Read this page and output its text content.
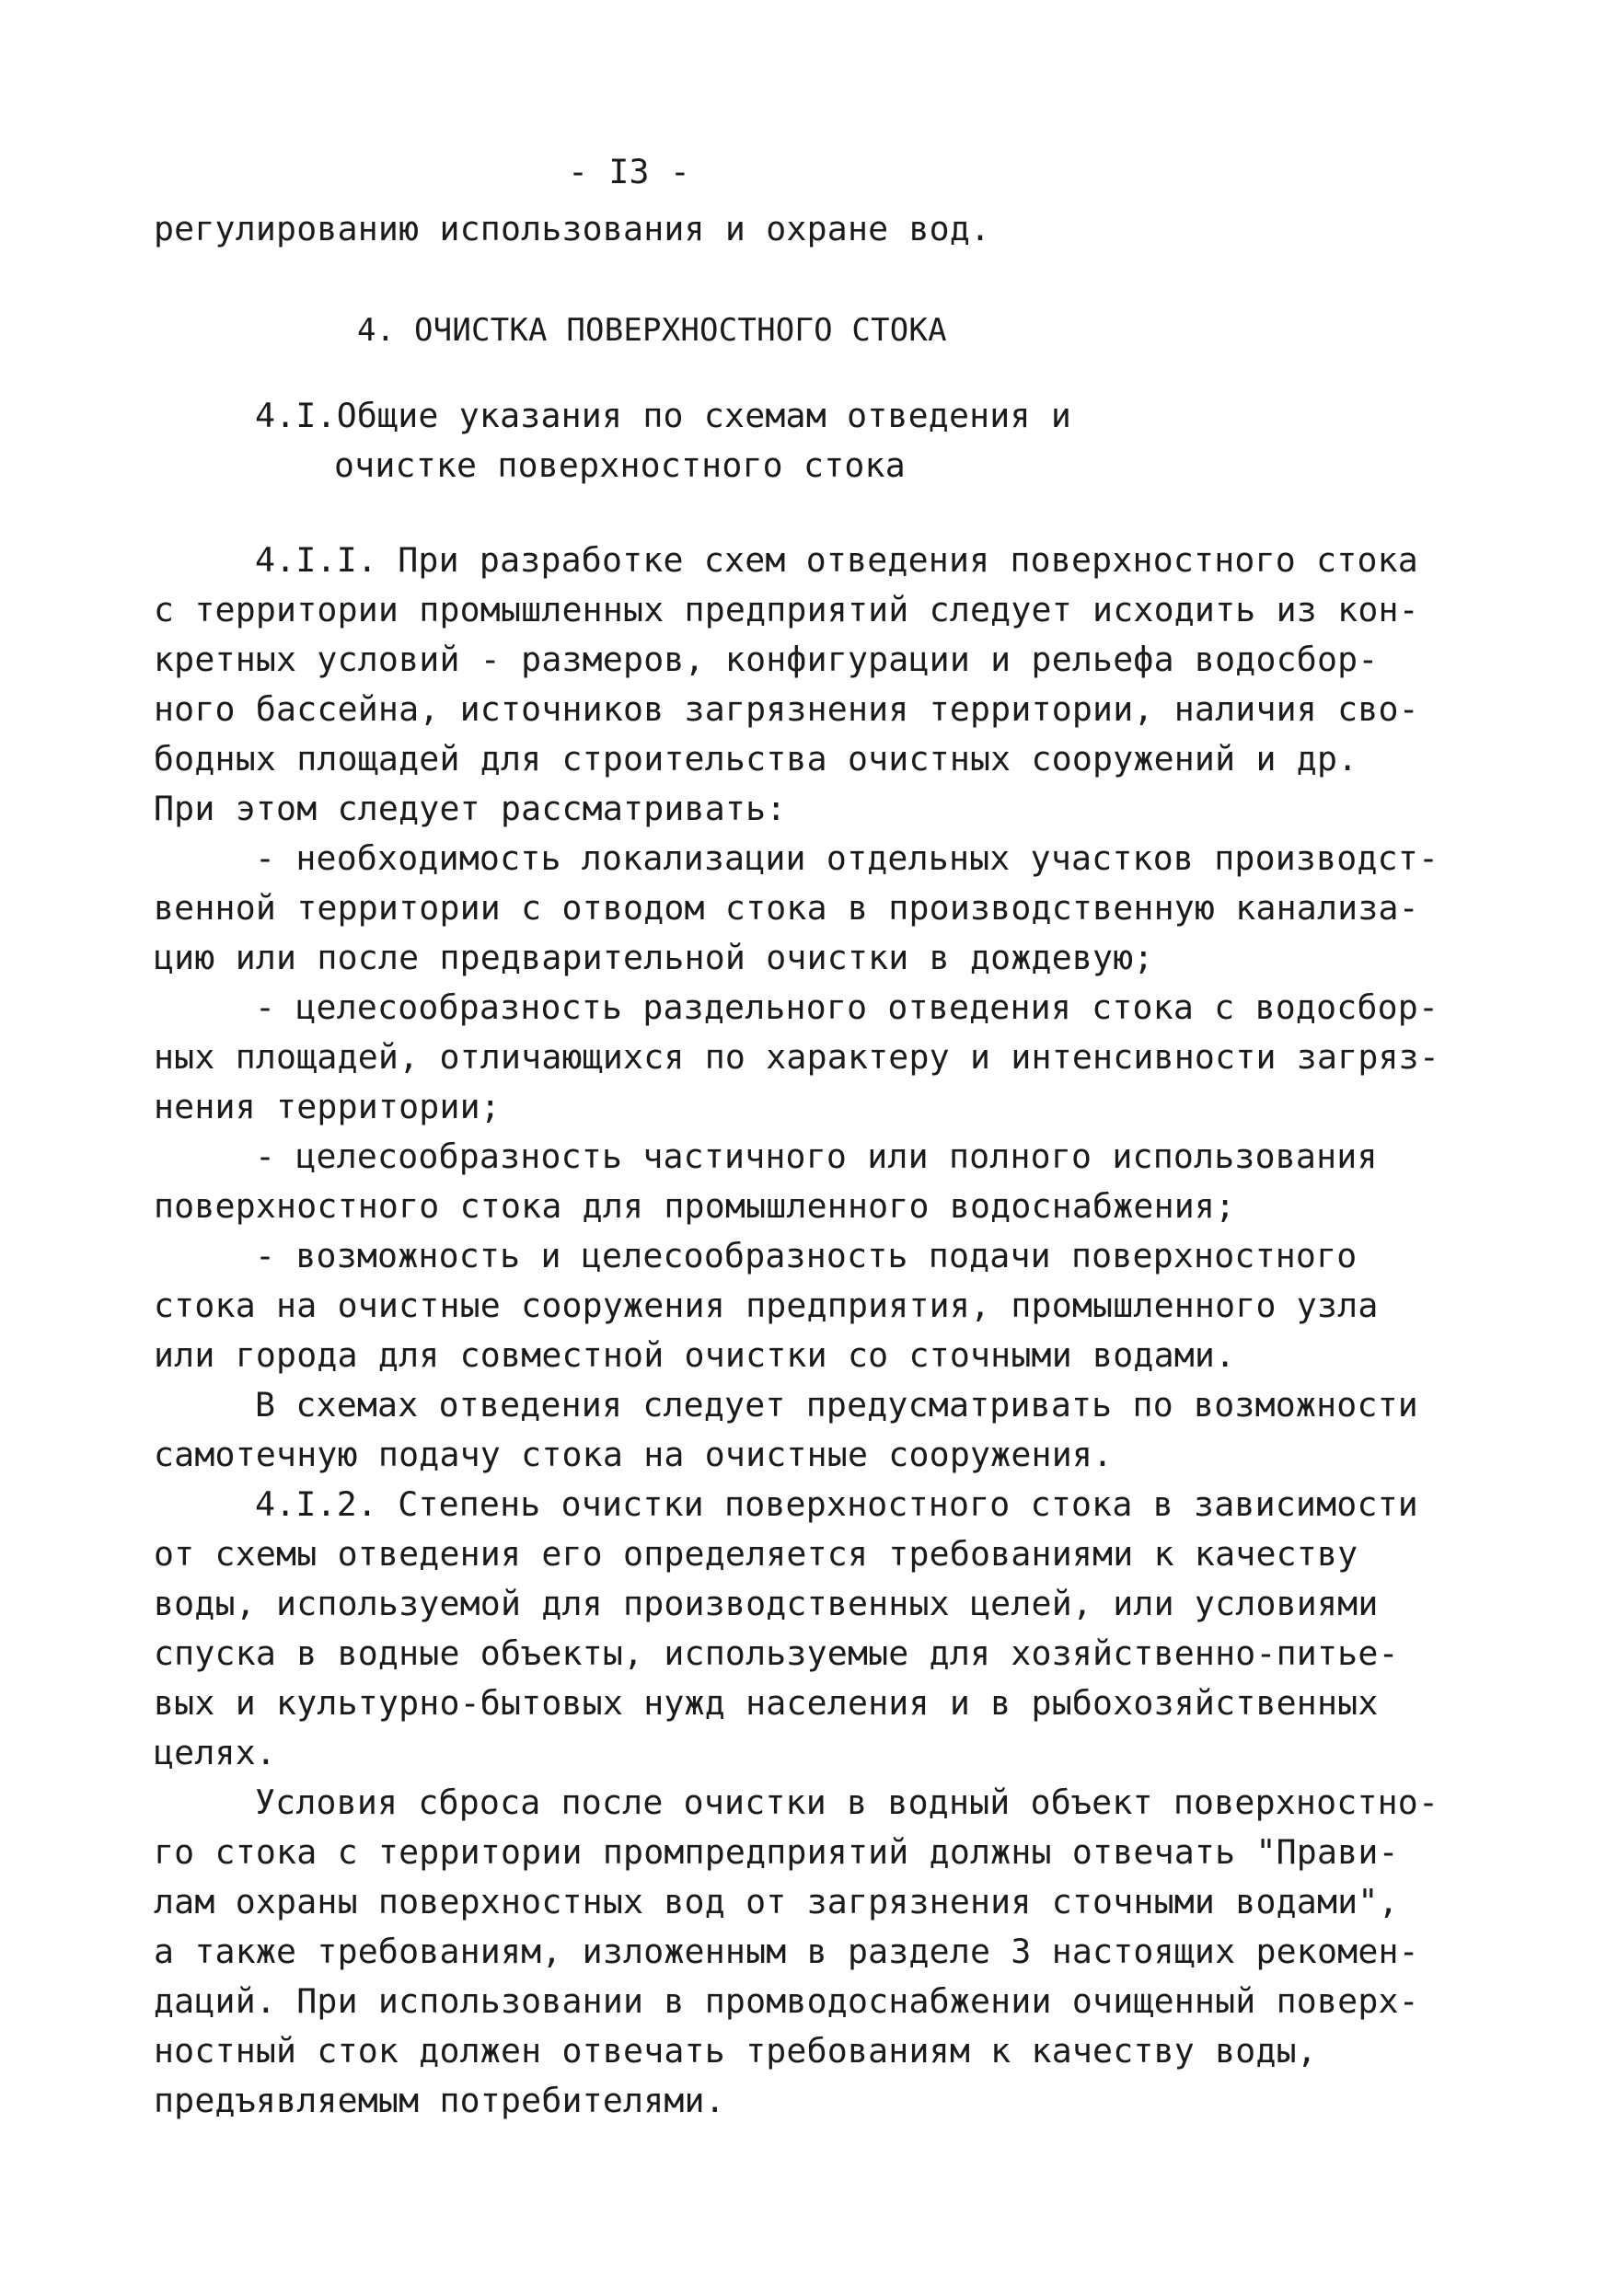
- I3 -

регулированию использования и охране вод.

4. ОЧИСТКА ПОВЕРХНОСТНОГО СТОКА

4.I.Общие указания по схемам отведения и

очистке поверхностного стока

4.I.I. При разработке схем отведения поверхностного стока

с территории промышленных предприятий следует исходить из кон-

кретных условий - размеров, конфигурации и рельефа водосбор-

ного бассейна, источников загрязнения территории, наличия сво-

бодных площадей для строительства очистных сооружений и др.

При этом следует рассматривать:

- необходимость локализации отдельных участков производст-

венной территории с отводом стока в производственную канализа-

цию или после предварительной очистки в дождевую;

- целесообразность раздельного отведения стока с водосбор-

ных площадей, отличающихся по характеру и интенсивности загряз-

нения территории;

- целесообразность частичного или полного использования

поверхностного стока для промышленного водоснабжения;

- возможность и целесообразность подачи поверхностного

стока на очистные сооружения предприятия, промышленного узла

или города для совместной очистки со сточными водами.

В схемах отведения следует предусматривать по возможности

самотечную подачу стока на очистные сооружения.

4.I.2. Степень очистки поверхностного стока в зависимости

от схемы отведения его определяется требованиями к качеству

воды, используемой для производственных целей, или условиями

спуска в водные объекты, используемые для хозяйственно-питье-

вых и культурно-бытовых нужд населения и в рыбохозяйственных

целях.

Условия сброса после очистки в водный объект поверхностно-

го стока с территории промпредприятий должны отвечать "Прави-

лам охраны поверхностных вод от загрязнения сточными водами",

а также требованиям, изложенным в разделе 3 настоящих рекомен-

даций. При использовании в промводоснабжении очищенный поверх-

ностный сток должен отвечать требованиям к качеству воды,

предъявляемым потребителями.
